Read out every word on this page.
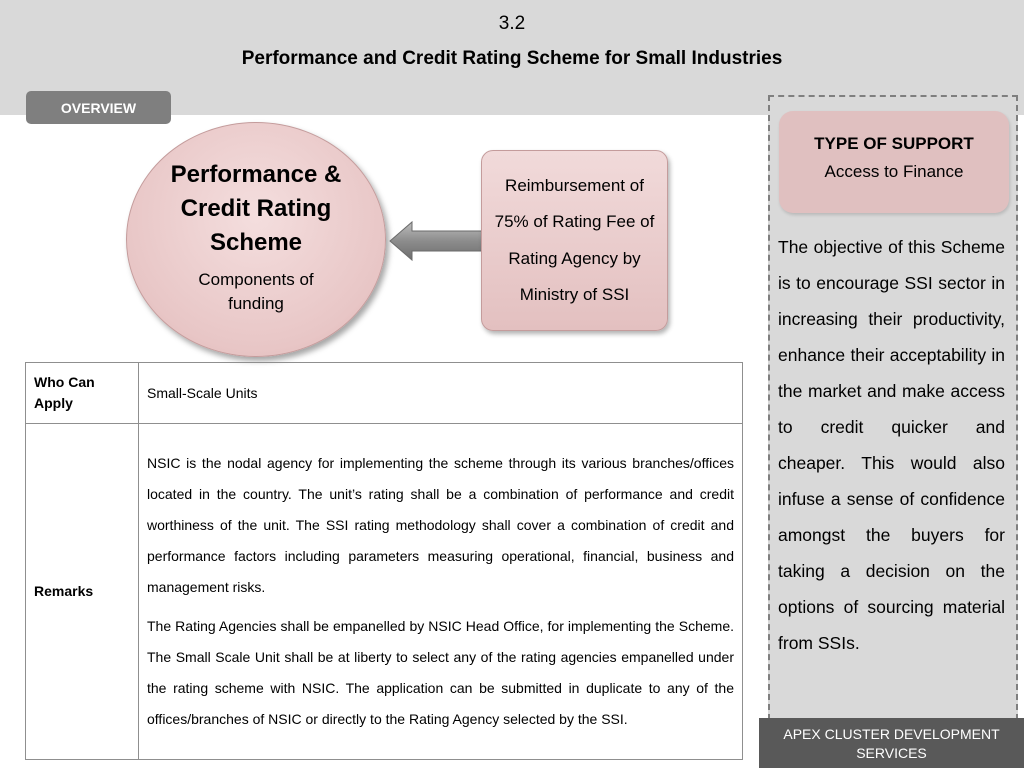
3.2
Performance and Credit Rating Scheme for Small Industries
OVERVIEW
Performance & Credit Rating Scheme
Components of funding
Reimbursement of 75% of Rating Fee of Rating Agency by Ministry of SSI
Who Can Apply	Small-Scale Units
Remarks	NSIC is the nodal agency for implementing the scheme through its various branches/offices located in the country. The unit’s rating shall be a combination of performance and credit worthiness of the unit. The SSI rating methodology shall cover a combination of credit and performance factors including parameters measuring operational, financial, business and management risks.

The Rating Agencies shall be empanelled by NSIC Head Office, for implementing the Scheme. The Small Scale Unit shall be at liberty to select any of the rating agencies empanelled under the rating scheme with NSIC. The application can be submitted in duplicate to any of the offices/branches of NSIC or directly to the Rating Agency selected by the SSI.

TYPE OF SUPPORT
Access to Finance
The objective of this Scheme is to encourage SSI sector in increasing their productivity, enhance their acceptability in the market and make access to credit quicker and cheaper. This would also infuse a sense of confidence amongst the buyers for taking a decision on the options of sourcing material from SSIs.
APEX CLUSTER DEVELOPMENT SERVICES
